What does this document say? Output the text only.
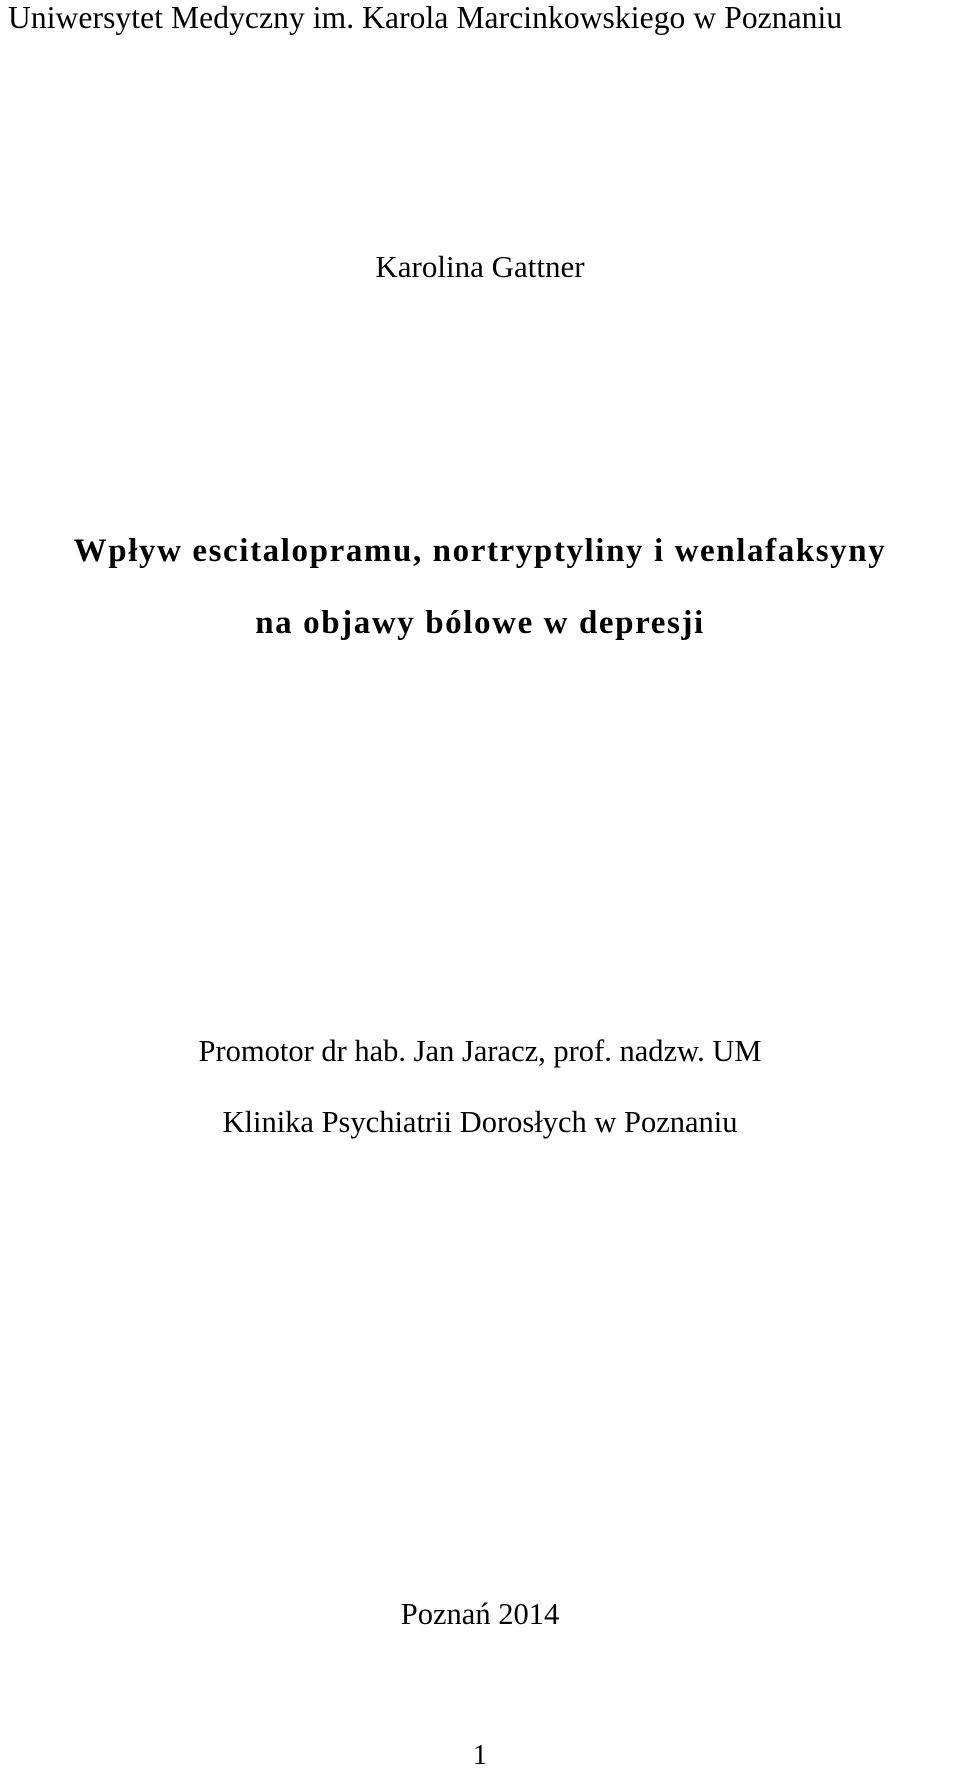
Uniwersytet Medyczny im. Karola Marcinkowskiego w Poznaniu
Karolina Gattner
Wpływ escitalopramu, nortryptyliny i wenlafaksyny
na objawy bólowe w depresji
Promotor dr hab. Jan Jaracz, prof. nadzw. UM
Klinika Psychiatrii Dorosłych w Poznaniu
Poznań 2014
1
